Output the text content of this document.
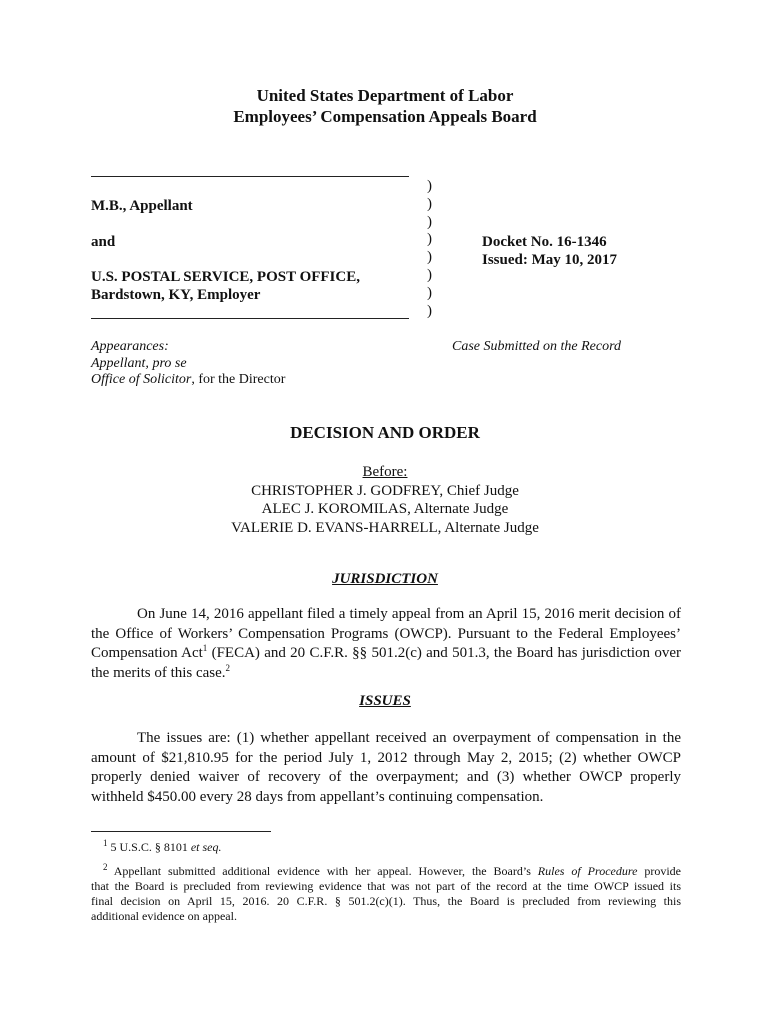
United States Department of Labor
Employees’ Compensation Appeals Board
M.B., Appellant
and
U.S. POSTAL SERVICE, POST OFFICE,
Bardstown, KY, Employer
)
)
)
)
)
)
)
)
Docket No. 16-1346
Issued: May 10, 2017
Appearances:
Appellant, pro se
Office of Solicitor, for the Director
Case Submitted on the Record
DECISION AND ORDER
Before:
CHRISTOPHER J. GODFREY, Chief Judge
ALEC J. KOROMILAS, Alternate Judge
VALERIE D. EVANS-HARRELL, Alternate Judge
JURISDICTION
On June 14, 2016 appellant filed a timely appeal from an April 15, 2016 merit decision of
the Office of Workers’ Compensation Programs (OWCP). Pursuant to the Federal Employees’
Compensation Act$^1$ (FECA) and 20 C.F.R. §§ 501.2(c) and 501.3, the Board has jurisdiction over
the merits of this case.$^2$
ISSUES
The issues are: (1) whether appellant received an overpayment of compensation in the
amount of $21,810.95 for the period July 1, 2012 through May 2, 2015; (2) whether OWCP
properly denied waiver of recovery of the overpayment; and (3) whether OWCP properly
withheld $450.00 every 28 days from appellant’s continuing compensation.
$^1$ 5 U.S.C. § 8101 et seq.
$^2$ Appellant submitted additional evidence with her appeal. However, the Board’s Rules of Procedure provide
that the Board is precluded from reviewing evidence that was not part of the record at the time OWCP issued its
final decision on April 15, 2016. 20 C.F.R. § 501.2(c)(1). Thus, the Board is precluded from reviewing this
additional evidence on appeal.
